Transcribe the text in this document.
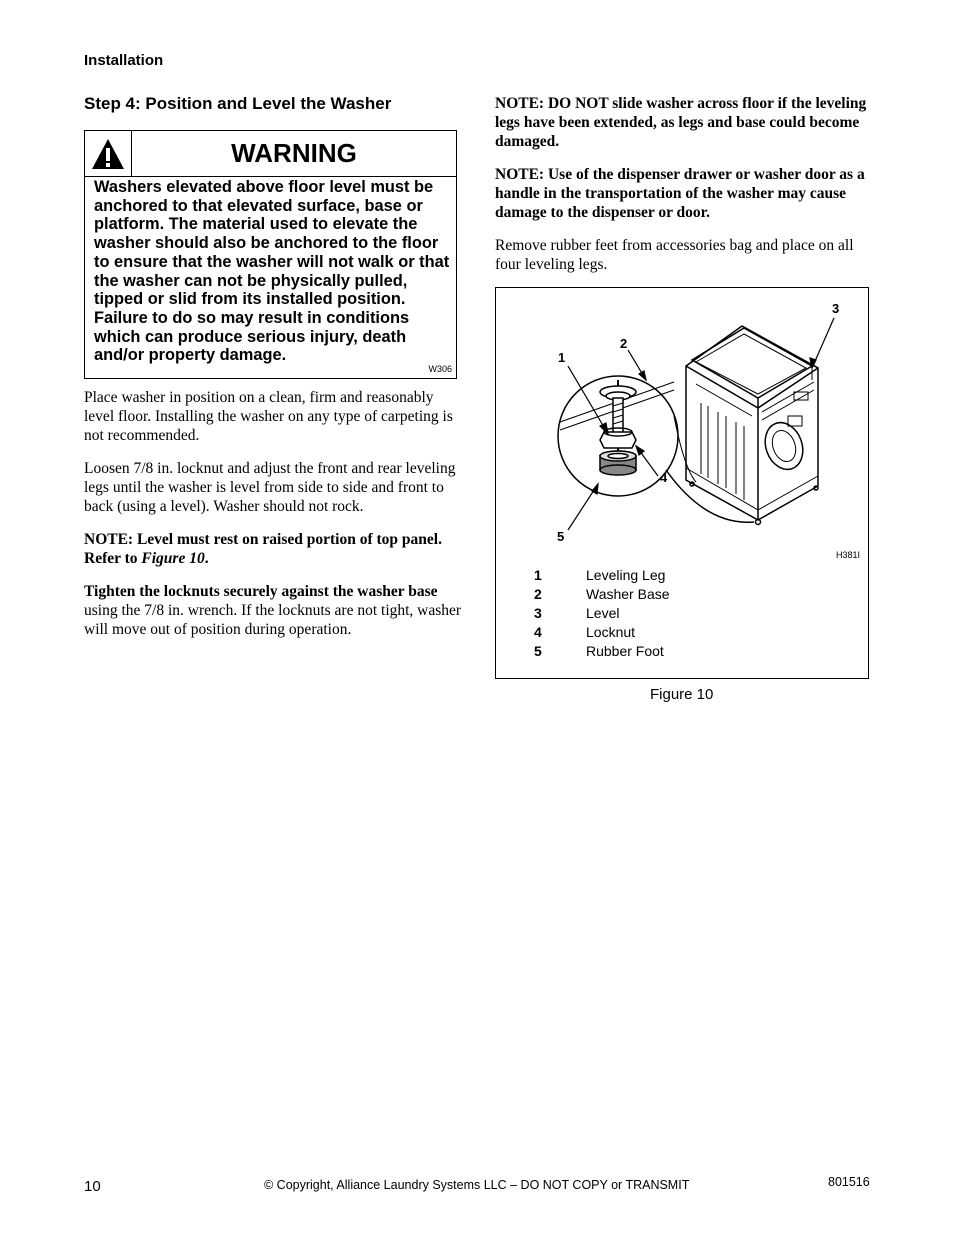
Installation
Step 4: Position and Level the Washer
WARNING
Washers elevated above floor level must be anchored to that elevated surface, base or platform. The material used to elevate the washer should also be anchored to the floor to ensure that the washer will not walk or that the washer can not be physically pulled, tipped or slid from its installed position. Failure to do so may result in conditions which can produce serious injury, death and/or property damage.
W306

Place washer in position on a clean, firm and reasonably level floor. Installing the washer on any type of carpeting is not recommended.

Loosen 7/8 in. locknut and adjust the front and rear leveling legs until the washer is level from side to side and front to back (using a level). Washer should not rock.

NOTE: Level must rest on raised portion of top panel. Refer to Figure 10.

Tighten the locknuts securely against the washer base using the 7/8 in. wrench. If the locknuts are not tight, washer will move out of position during operation.

NOTE: DO NOT slide washer across floor if the leveling legs have been extended, as legs and base could become damaged.

NOTE: Use of the dispenser drawer or washer door as a handle in the transportation of the washer may cause damage to the dispenser or door.

Remove rubber feet from accessories bag and place on all four leveling legs.

1
2
3
4
5
H381I
1	Leveling Leg
2	Washer Base
3	Level
4	Locknut
5	Rubber Foot
Figure 10
10	© Copyright, Alliance Laundry Systems LLC – DO NOT COPY or TRANSMIT	801516
